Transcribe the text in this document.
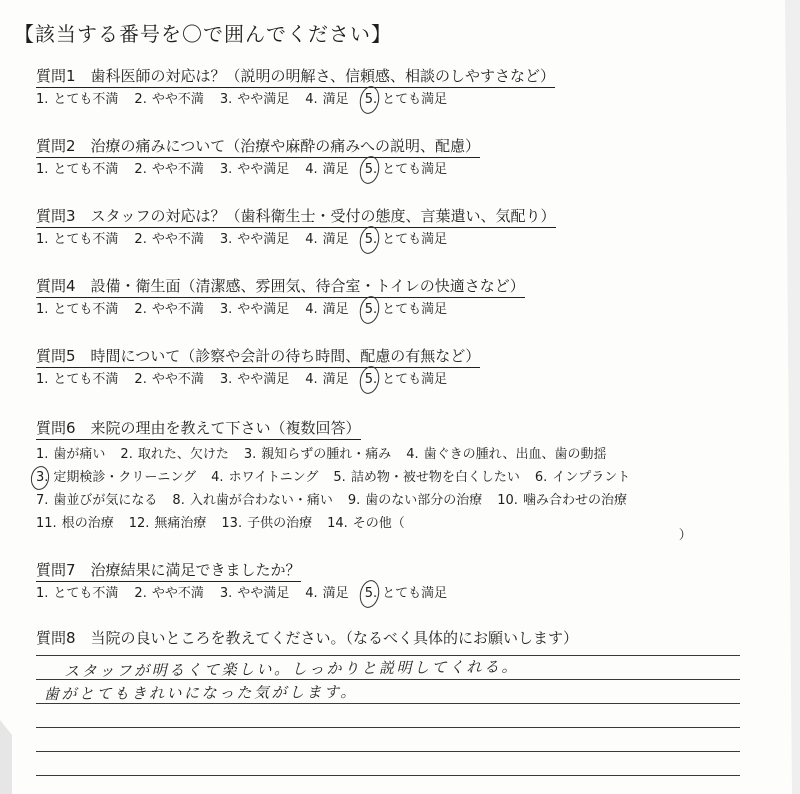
【該当する番号を〇で囲んでください】
質問1　歯科医師の対応は？（説明の明解さ、信頼感、相談のしやすさなど）
1. とても不満 2. やや不満 3. やや満足 4. 満足 5. とても満足
質問2　治療の痛みについて（治療や麻酔の痛みへの説明、配慮）
1. とても不満 2. やや不満 3. やや満足 4. 満足 5. とても満足
質問3　スタッフの対応は？（歯科衛生士・受付の態度、言葉遣い、気配り）
1. とても不満 2. やや不満 3. やや満足 4. 満足 5. とても満足
質問4　設備・衛生面（清潔感、雰囲気、待合室・トイレの快適さなど）
1. とても不満 2. やや不満 3. やや満足 4. 満足 5. とても満足
質問5　時間について（診察や会計の待ち時間、配慮の有無など）
1. とても不満 2. やや不満 3. やや満足 4. 満足 5. とても満足
質問6　来院の理由を教えて下さい（複数回答）
1. 歯が痛い 2. 取れた、欠けた 3. 親知らずの腫れ・痛み 4. 歯ぐきの腫れ、出血、歯の動揺
3. 定期検診・クリーニング 4. ホワイトニング 5. 詰め物・被せ物を白くしたい 6. インプラント
7. 歯並びが気になる 8. 入れ歯が合わない・痛い 9. 歯のない部分の治療 10. 噛み合わせの治療
11. 根の治療 12. 無痛治療 13. 子供の治療 14. その他（
）
質問7　治療結果に満足できましたか？
1. とても不満 2. やや不満 3. やや満足 4. 満足 5. とても満足
質問8　当院の良いところを教えてください。（なるべく具体的にお願いします）
スタッフが明るくて楽しい。しっかりと説明してくれる。
歯がとてもきれいになった気がします。
